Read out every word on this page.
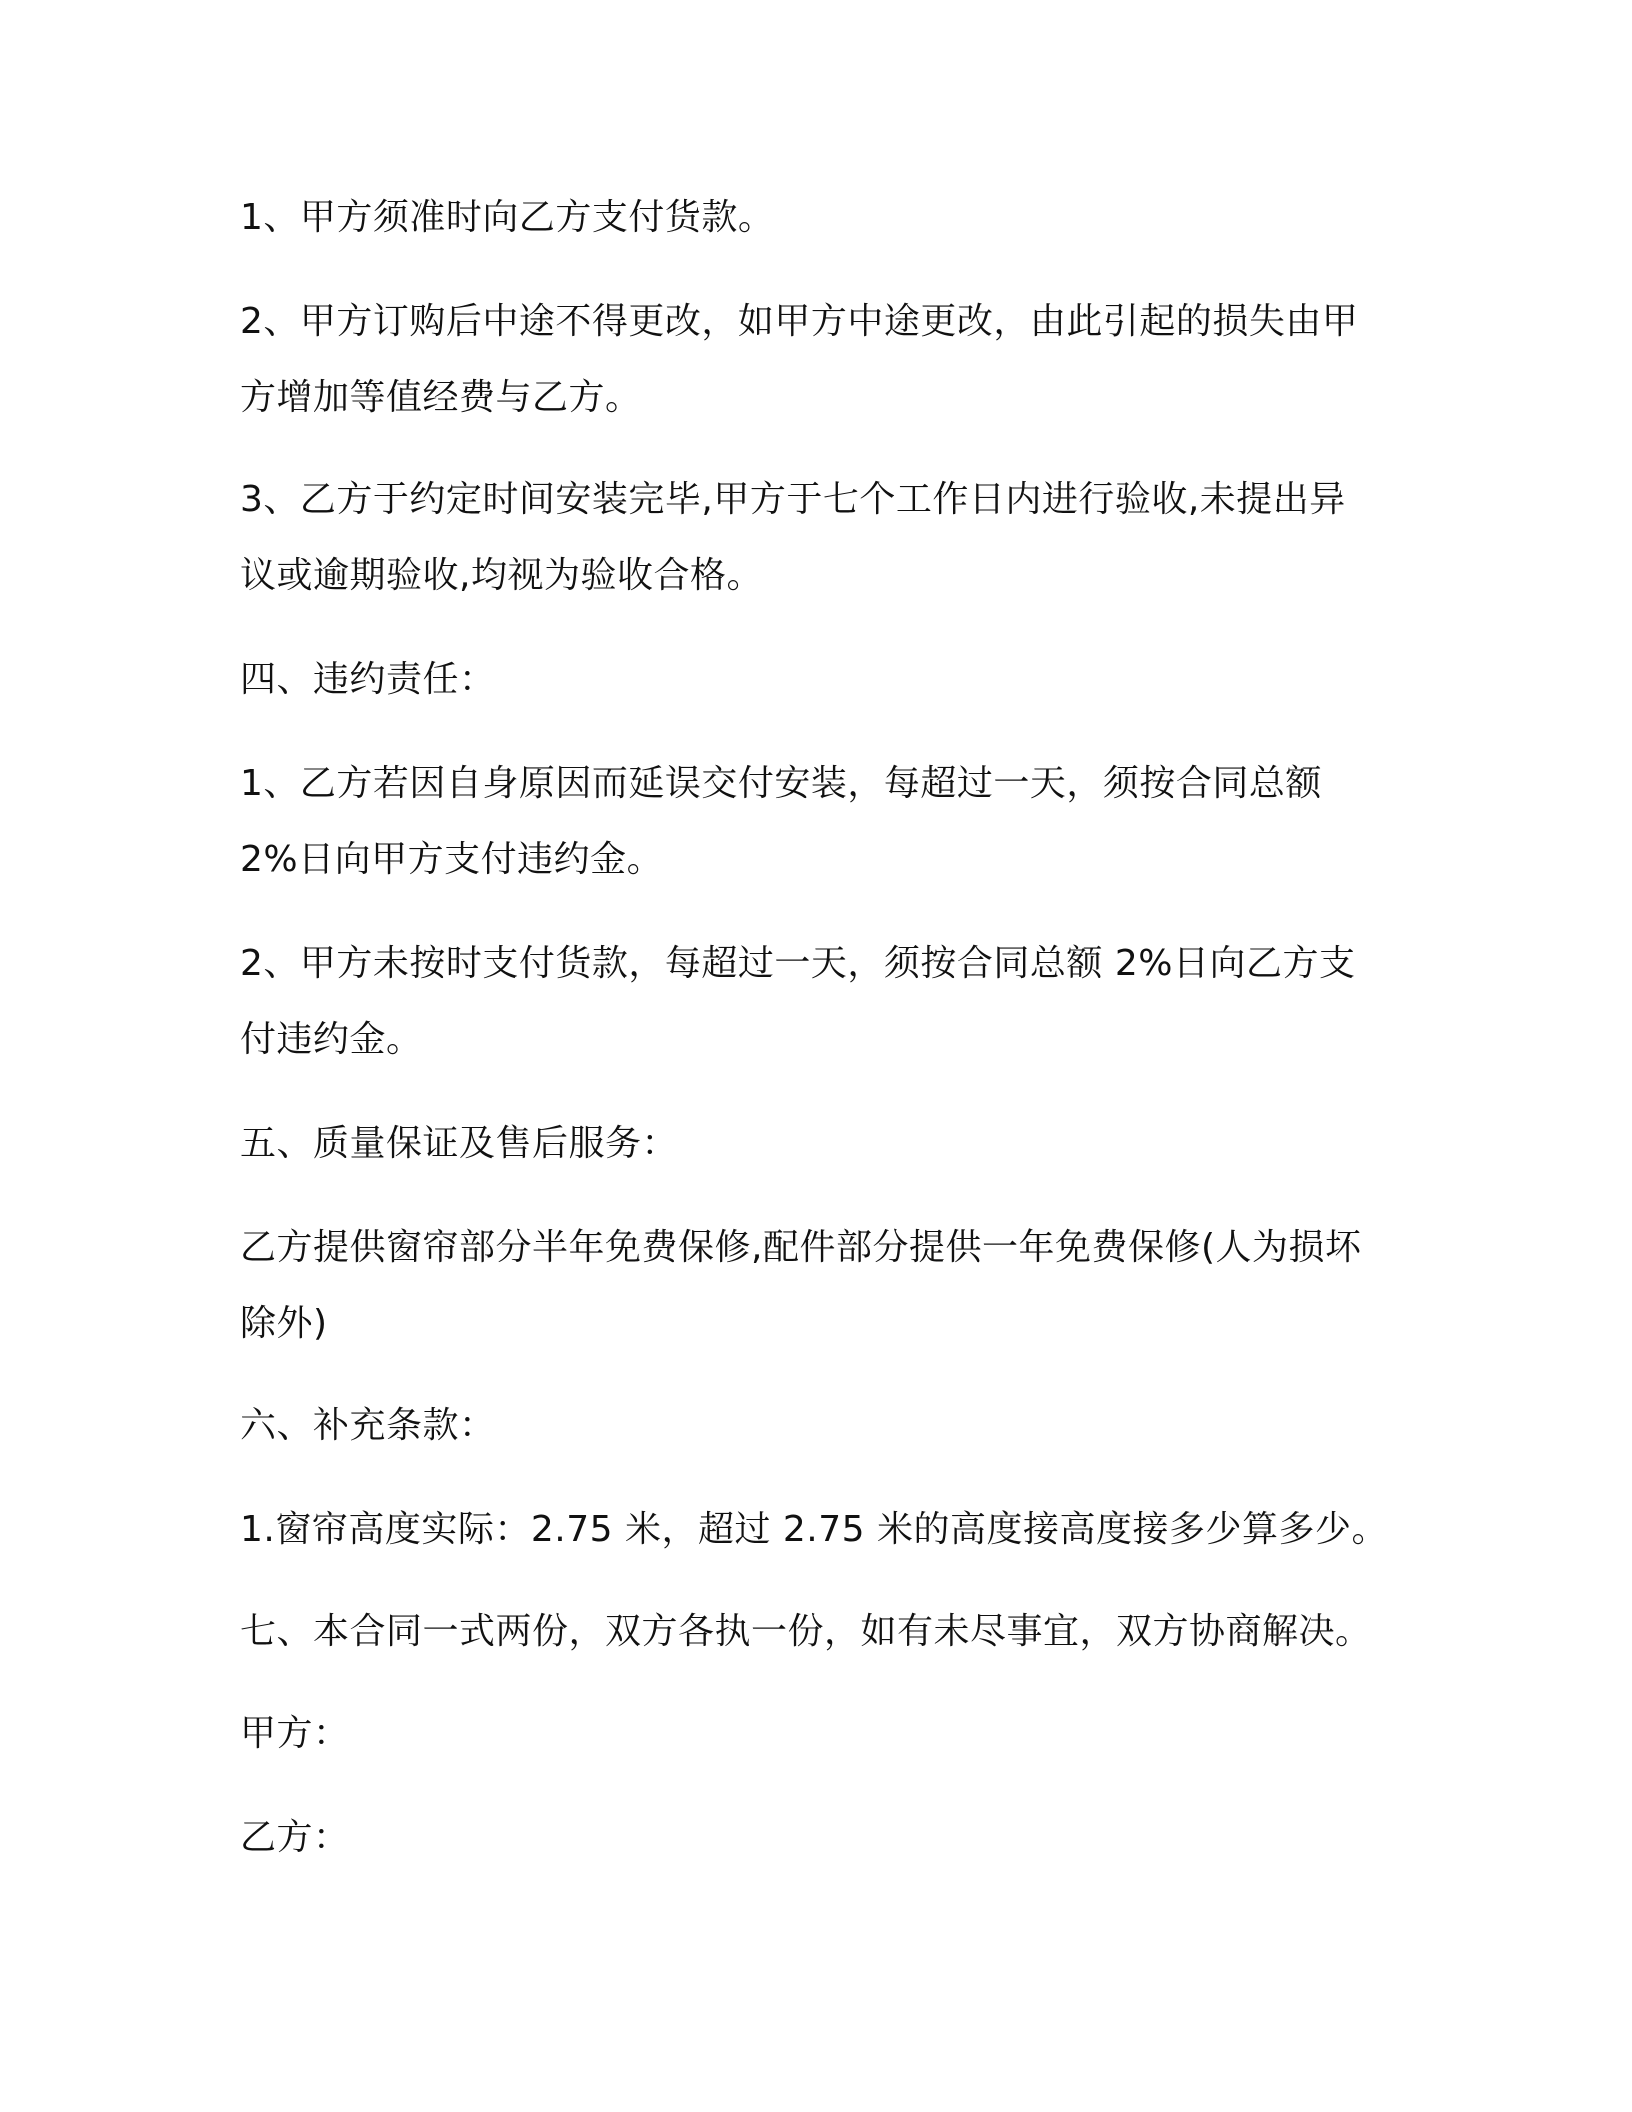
1、甲方须准时向乙方支付货款。
2、甲方订购后中途不得更改，如甲方中途更改，由此引起的损失由甲
方增加等值经费与乙方。
3、乙方于约定时间安装完毕,甲方于七个工作日内进行验收,未提出异
议或逾期验收,均视为验收合格。
四、违约责任：
1、乙方若因自身原因而延误交付安装，每超过一天，须按合同总额
2%日向甲方支付违约金。
2、甲方未按时支付货款，每超过一天，须按合同总额 2%日向乙方支
付违约金。
五、质量保证及售后服务：
乙方提供窗帘部分半年免费保修,配件部分提供一年免费保修(人为损坏
除外)
六、补充条款：
1.窗帘高度实际：2.75 米，超过 2.75 米的高度接高度接多少算多少。
七、本合同一式两份，双方各执一份，如有未尽事宜，双方协商解决。
甲方：
乙方：
